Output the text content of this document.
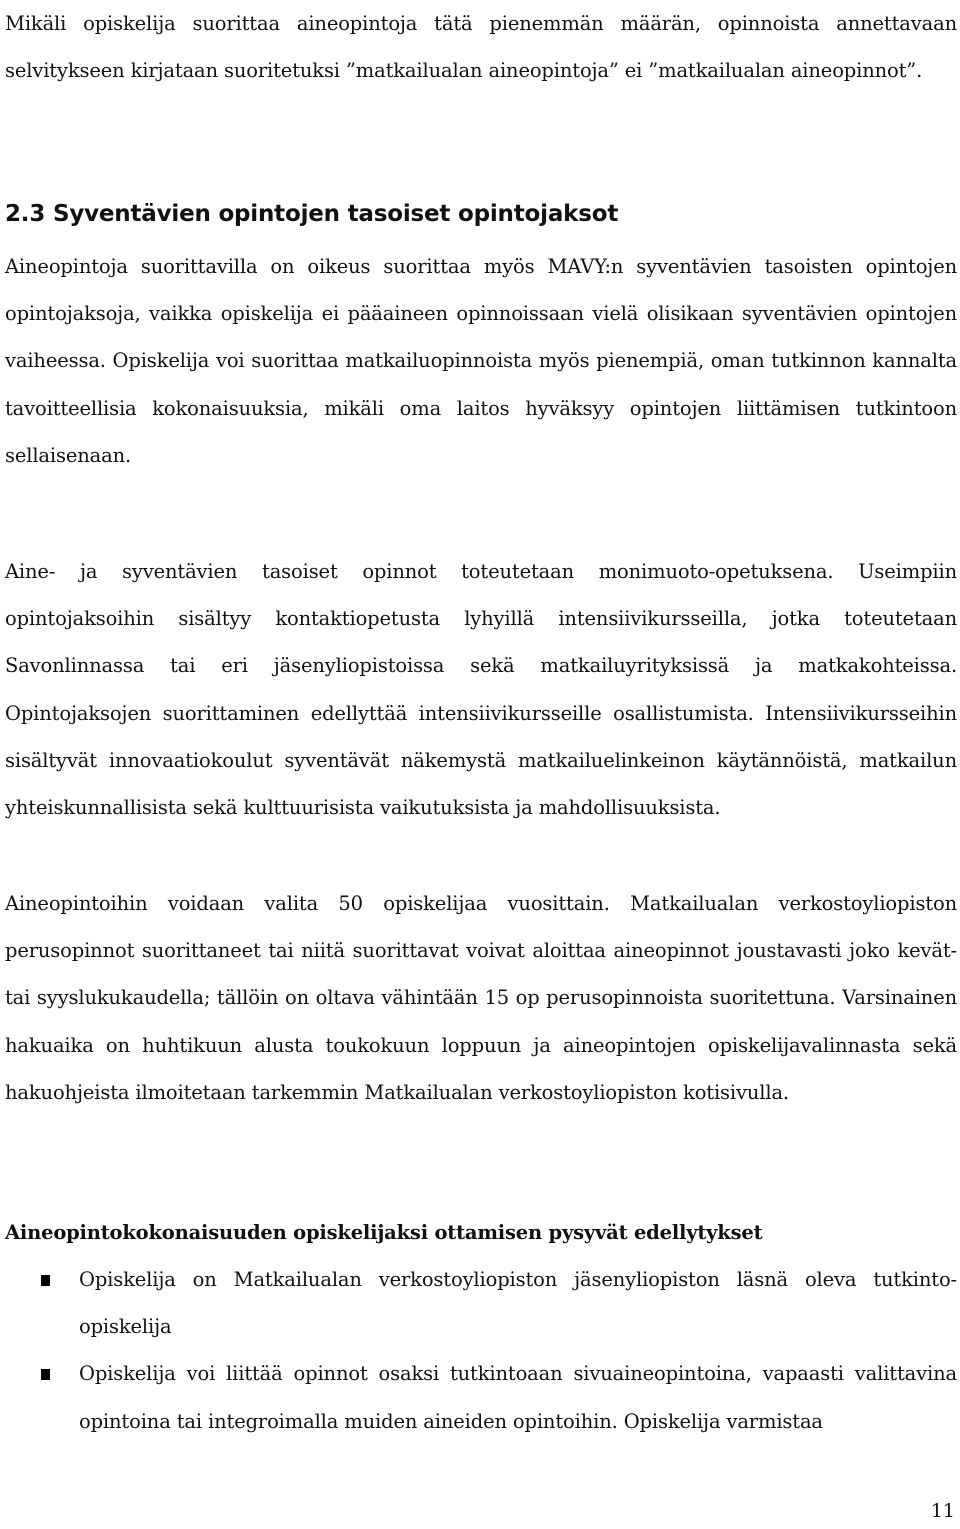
Mikäli opiskelija suorittaa aineopintoja tätä pienemmän määrän, opinnoista annettavaan selvitykseen kirjataan suoritetuksi ”matkailualan aineopintoja” ei ”matkailualan aineopinnot”.

2.3 Syventävien opintojen tasoiset opintojaksot

Aineopintoja suorittavilla on oikeus suorittaa myös MAVY:n syventävien tasoisten opintojen opintojaksoja, vaikka opiskelija ei pääaineen opinnoissaan vielä olisikaan syventävien opintojen vaiheessa. Opiskelija voi suorittaa matkailuopinnoista myös pienempiä, oman tutkinnon kannalta tavoitteellisia kokonaisuuksia, mikäli oma laitos hyväksyy opintojen liittämisen tutkintoon sellaisenaan.

Aine- ja syventävien tasoiset opinnot toteutetaan monimuoto-opetuksena. Useimpiin opintojaksoihin sisältyy kontaktiopetusta lyhyillä intensiivikursseilla, jotka toteutetaan Savonlinnassa tai eri jäsenyliopistoissa sekä matkailuyrityksissä ja matkakohteissa. Opintojaksojen suorittaminen edellyttää intensiivikursseille osallistumista. Intensiivikursseihin sisältyvät innovaatiokoulut syventävät näkemystä matkailuelinkeinon käytännöistä, matkailun yhteiskunnallisista sekä kulttuurisista vaikutuksista ja mahdollisuuksista.

Aineopintoihin voidaan valita 50 opiskelijaa vuosittain. Matkailualan verkostoyliopiston perusopinnot suorittaneet tai niitä suorittavat voivat aloittaa aineopinnot joustavasti joko kevät- tai syyslukukaudella; tällöin on oltava vähintään 15 op perusopinnoista suoritettuna. Varsinainen hakuaika on huhtikuun alusta toukokuun loppuun ja aineopintojen opiskelijavalinnasta sekä hakuohjeista ilmoitetaan tarkemmin Matkailualan verkostoyliopiston kotisivulla.

Aineopintokokonaisuuden opiskelijaksi ottamisen pysyvät edellytykset
Opiskelija on Matkailualan verkostoyliopiston jäsenyliopiston läsnä oleva tutkinto-opiskelija
Opiskelija voi liittää opinnot osaksi tutkintoaan sivuaineopintoina, vapaasti valittavina opintoina tai integroimalla muiden aineiden opintoihin. Opiskelija varmistaa

11
